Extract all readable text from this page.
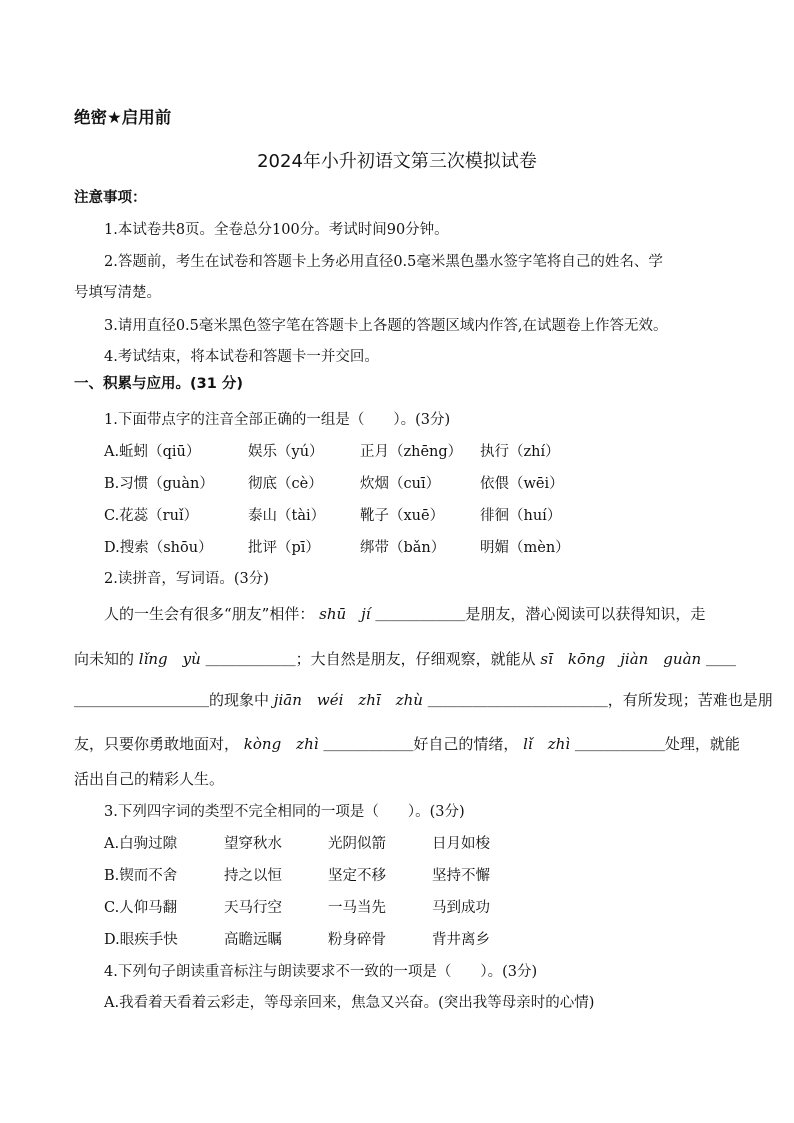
绝密★启用前
2024年小升初语文第三次模拟试卷
注意事项：
1.本试卷共8页。全卷总分100分。考试时间90分钟。
2.答题前，考生在试卷和答题卡上务必用直径0.5毫米黑色墨水签字笔将自己的姓名、学
号填写清楚。
3.请用直径0.5毫米黑色签字笔在答题卡上各题的答题区域内作答,在试题卷上作答无效。
4.考试结束，将本试卷和答题卡一并交回。
一、积累与应用。(31 分)
1.下面带点字的注音全部正确的一组是（　　）。(3分)
A.蚯蚓（qiū）	娱乐（yú）	正月（zhēng） 执行（zhí）
B.习惯（guàn） 彻底（cè）	炊烟（cuī）	依偎（wēi）
C.花蕊（ruǐ）	泰山（tài） 靴子（xuē） 徘徊（huí）
D.搜索（shōu） 批评（pī）	绑带（bǎn） 明媚（mèn）
2.读拼音，写词语。(3分)
人的一生会有很多“朋友”相伴： shū　jí ＿＿＿＿＿＿是朋友，潜心阅读可以获得知识，走
向未知的 lǐng　yù ＿＿＿＿＿＿；大自然是朋友，仔细观察，就能从 sī　kōng　jiàn　guàn ＿＿
＿＿＿＿＿＿＿＿＿的现象中 jiān　wéi　zhī　zhù ＿＿＿＿＿＿＿＿＿＿＿＿，有所发现；苦难也是朋
友，只要你勇敢地面对， kòng　zhì ＿＿＿＿＿＿好自己的情绪， lǐ　zhì ＿＿＿＿＿＿处理，就能
活出自己的精彩人生。
3.下列四字词的类型不完全相同的一项是（　　）。(3分)
A.白驹过隙	望穿秋水	光阴似箭	日月如梭
B.锲而不舍	持之以恒	坚定不移	坚持不懈
C.人仰马翻	天马行空	一马当先	马到成功
D.眼疾手快	高瞻远瞩	粉身碎骨	背井离乡
4.下列句子朗读重音标注与朗读要求不一致的一项是（　　）。(3分)
A.我看着天看着云彩走，等母亲回来，焦急又兴奋。(突出我等母亲时的心情)
